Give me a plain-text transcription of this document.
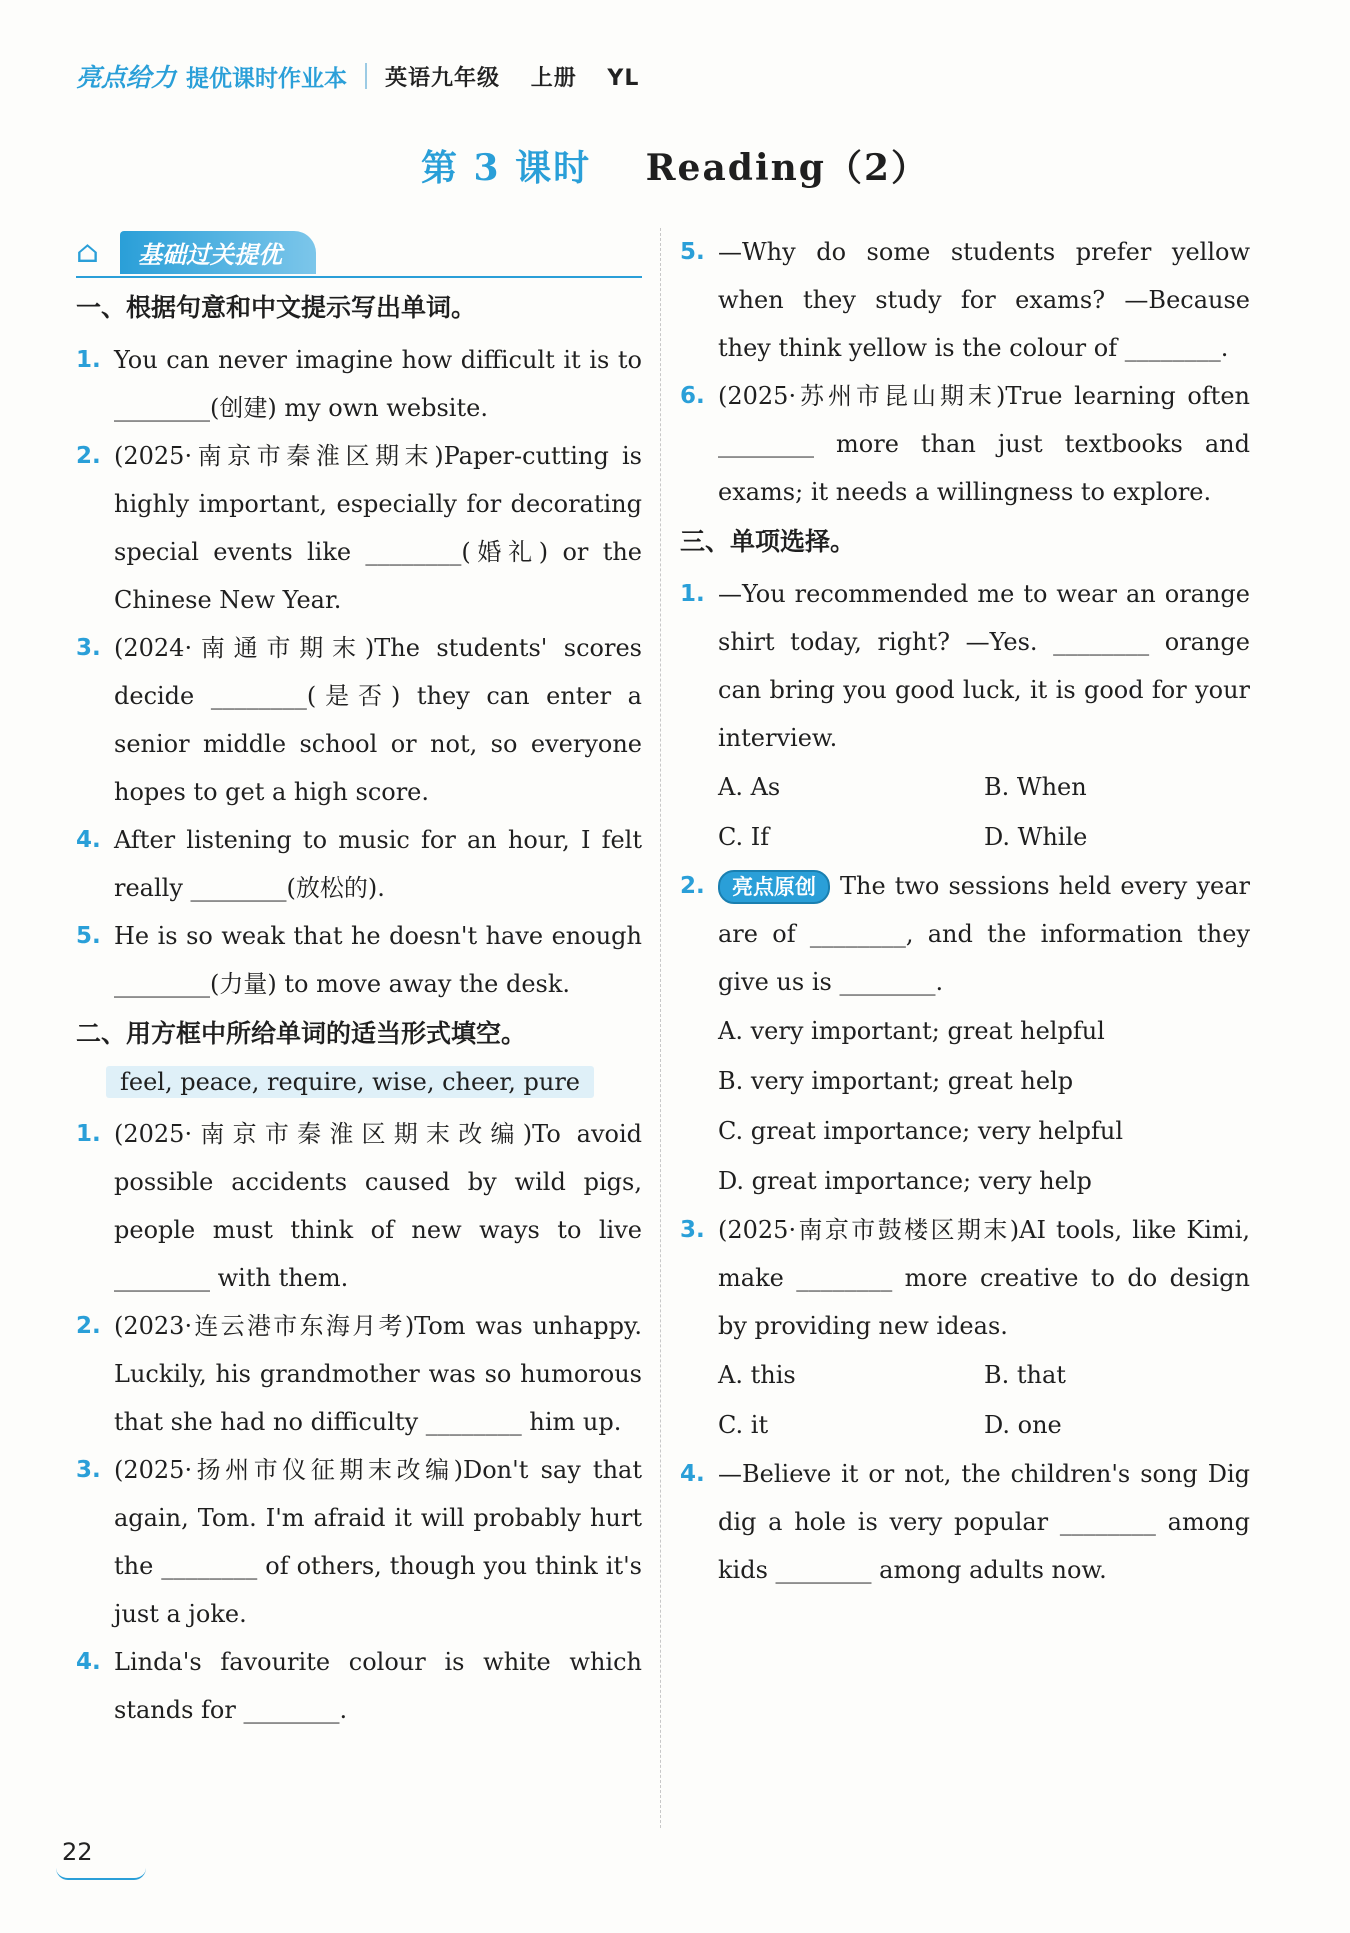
亮点给力 提优课时作业本 英语九年级 上册 YL
第 3 课时 Reading（2）
⌂	基础过关提优
一、根据句意和中文提示写出单词。
1. You can never imagine how difficult it is to ________(创建) my own website.
2. (2025·南京市秦淮区期末)Paper-cutting is highly important, especially for decorating special events like ________(婚礼) or the Chinese New Year.
3. (2024·南通市期末)The students' scores decide ________(是否) they can enter a senior middle school or not, so everyone hopes to get a high score.
4. After listening to music for an hour, I felt really ________(放松的).
5. He is so weak that he doesn't have enough ________(力量) to move away the desk.
二、用方框中所给单词的适当形式填空。
feel, peace, require, wise, cheer, pure
1. (2025·南京市秦淮区期末改编)To avoid possible accidents caused by wild pigs, people must think of new ways to live ________ with them.
2. (2023·连云港市东海月考)Tom was unhappy. Luckily, his grandmother was so humorous that she had no difficulty ________ him up.
3. (2025·扬州市仪征期末改编)Don't say that again, Tom. I'm afraid it will probably hurt the ________ of others, though you think it's just a joke.
4. Linda's favourite colour is white which stands for ________.
5. —Why do some students prefer yellow when they study for exams? —Because they think yellow is the colour of ________.
6. (2025·苏州市昆山期末)True learning often ________ more than just textbooks and exams; it needs a willingness to explore.
三、单项选择。
1. —You recommended me to wear an orange shirt today, right? —Yes. ________ orange can bring you good luck, it is good for your interview.
A. As	B. When
C. If	D. While
2.	亮点原创 The two sessions held every year are of ________, and the information they give us is ________.
A. very important; great helpful
B. very important; great help
C. great importance; very helpful
D. great importance; very help
3. (2025·南京市鼓楼区期末)AI tools, like Kimi, make ________ more creative to do design by providing new ideas.
A. this	B. that
C. it	D. one
4. —Believe it or not, the children's song Dig dig a hole is very popular ________ among kids ________ among adults now.
22
